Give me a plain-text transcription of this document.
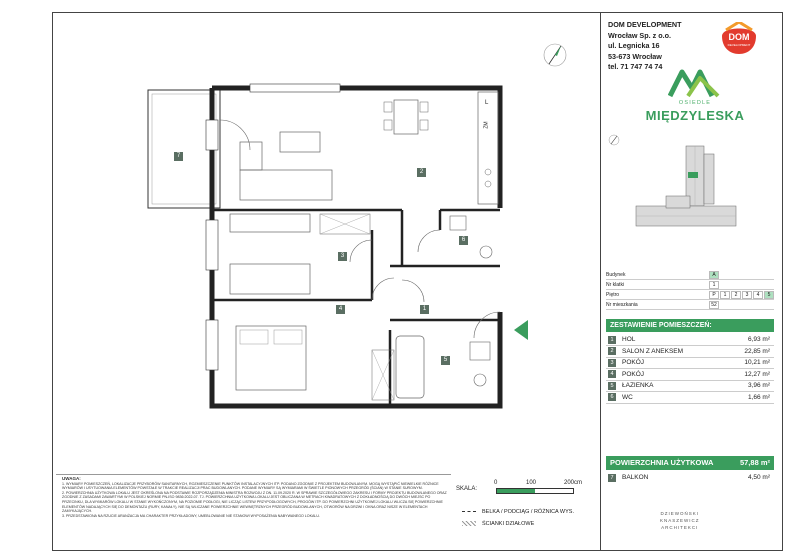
DOM DEVELOPMENT
Wrocław Sp. z o.o.
ul. Legnicka 16
53-673 Wrocław
tel. 71 747 74 74
DOM
DEVELOPMENT
OSIEDLE
MIĘDZYLESKA
Budynek	A
Nr klatki	1
Piętro	P 1 2 3 4 5
Nr mieszkania	52
ZESTAWIENIE POMIESZCZEŃ:
1	HOL	6,93 m²
2	SALON Z ANEKSEM	22,85 m²
3	POKÓJ	10,21 m²
4	POKÓJ	12,27 m²
5	ŁAZIENKA	3,96 m²
6	WC	1,66 m²
POWIERZCHNIA UŻYTKOWA	57,88 m²
7	BALKON	4,50 m²
DZIEWOŃSKI
KNASZEWICZ
ARCHITEKCI
7
2
3
4	1
5
6
L
ZM
UWAGA:

1. WYMIARY POMIESZCZEŃ, LOKALIZACJE PRZYBORÓW SANITARNYCH, ROZMIESZCZENIE PUNKTÓW INSTALACYJNYCH ITP. PODANO ZGODNIE Z PROJEKTEM BUDOWLANYM. MOGĄ WYSTĄPIĆ NIEWIELKIE RÓŻNICE WYMIARÓW I USYTUOWANIA ELEMENTÓW POWSTAŁE W TRAKCIE REALIZACJI PRAC BUDOWLANYCH. PODANE WYMIARY SĄ WYMIARAMI W ŚWIETLE PIONOWYCH PRZEGRÓD (ŚCIAN) W STANIE SUROWYM.

2. POWIERZCHNIA UŻYTKOWA LOKALU JEST OKREŚLONA NA PODSTAWIE ROZPORZĄDZENIA MINISTRA ROZWOJU Z DN. 11.09.2020 R. W SPRAWIE SZCZEGÓŁOWEGO ZAKRESU I FORMY PROJEKTU BUDOWLANEGO ORAZ ZGODNIE Z ZASADAMI ZAWARTYMI W POLSKIEJ NORMIE PN-ISO 9836:2022-07. TJ. POWIERZCHNIA UŻYTKOWA LOKALU JEST OBLICZANA W METRACH KWADRATOWYCH Z DOKŁADNOŚCIĄ DO DWÓCH MIEJSC PO PRZECINKU, DLA WYMIARÓW LOKALU W STANIE WYKOŃCZONYM, NA POZIOMIE PODŁOGI, NIE LICZĄC LISTEW PRZYPODŁOGOWYCH, PROGÓW ITP. DO POWIERZCHNI UŻYTKOWEJ LOKALU WLICZA SIĘ POWIERZCHNIE ELEMENTÓW NADAJĄCYCH SIĘ DO DEMONTAŻU (RURY, KANAŁY), NIE SĄ WLICZANE POWIERZCHNIE WEWNĘTRZNYCH PRZEGRÓD BUDOWLANYCH, OTWORÓW NA DRZWI I OKNA ORAZ NISZE W ELEMENTACH ZAMYKAJĄCYCH.

3. PRZEDSTAWIONA NA RZUCIE ARANŻACJA MA CHARAKTER PRZYKŁADOWY, UMEBLOWANIE NIE STANOWI WYPOSAŻENIA NABYWANEGO LOKALU.

SKALA:
0	100	200cm
BELKA / PODCIĄG / RÓŻNICA WYS.
ŚCIANKI DZIAŁOWE
